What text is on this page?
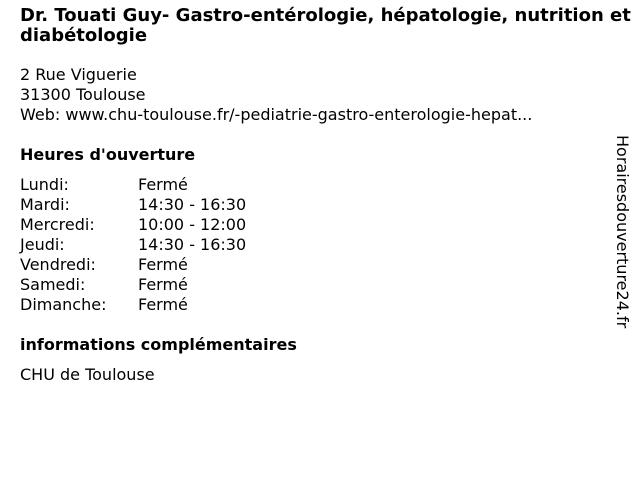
Dr. Touati Guy- Gastro-entérologie, hépatologie, nutrition et diabétologie
2 Rue Viguerie
31300 Toulouse
Web: www.chu-toulouse.fr/-pediatrie-gastro-enterologie-hepat...
Heures d'ouverture
Lundi:	Fermé
Mardi:	14:30 - 16:30
Mercredi:	10:00 - 12:00
Jeudi:	14:30 - 16:30
Vendredi:	Fermé
Samedi:	Fermé
Dimanche:	Fermé
informations complémentaires
CHU de Toulouse
Horairesdouverture24.fr
